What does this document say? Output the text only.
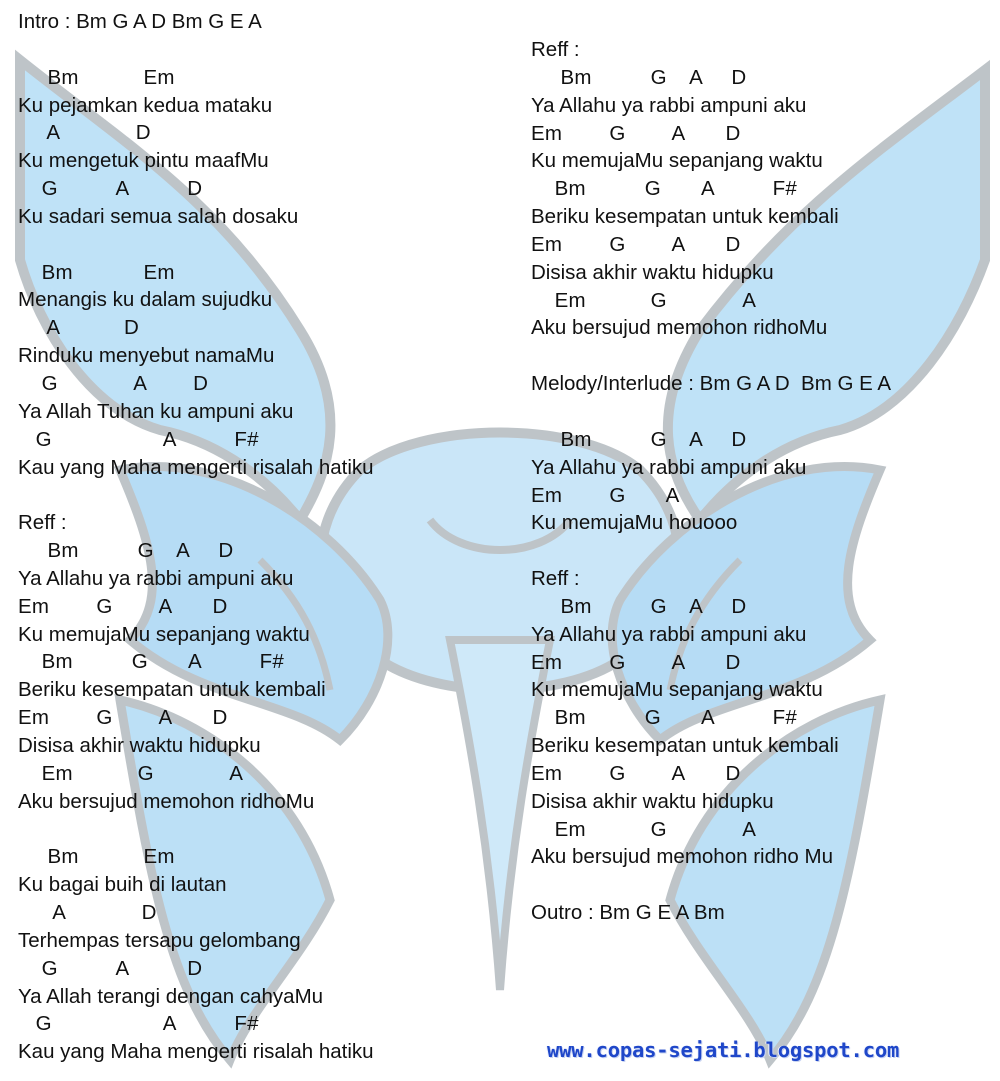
Intro : Bm G A D Bm G E A
Bm           Em
Ku pejamkan kedua mataku
A             D
Ku mengetuk pintu maafMu
G          A          D
Ku sadari semua salah dosaku
Bm            Em
Menangis ku dalam sujudku
A           D
Rinduku menyebut namaMu
G             A        D
Ya Allah Tuhan ku ampuni aku
G                   A          F#
Kau yang Maha mengerti risalah hatiku
Reff :
Bm          G    A     D
Ya Allahu ya rabbi ampuni aku
Em        G        A       D
Ku memujaMu sepanjang waktu
Bm          G       A          F#
Beriku kesempatan untuk kembali
Em        G        A       D
Disisa akhir waktu hidupku
Em           G             A
Aku bersujud memohon ridhoMu
Bm           Em
Ku bagai buih di lautan
A             D
Terhempas tersapu gelombang
G          A          D
Ya Allah terangi dengan cahyaMu
G                   A          F#
Kau yang Maha mengerti risalah hatiku
Reff :
Bm          G    A     D
Ya Allahu ya rabbi ampuni aku
Em        G        A       D
Ku memujaMu sepanjang waktu
Bm          G       A          F#
Beriku kesempatan untuk kembali
Em        G        A       D
Disisa akhir waktu hidupku
Em           G             A
Aku bersujud memohon ridhoMu
Melody/Interlude : Bm G A D  Bm G E A
Bm          G    A     D
Ya Allahu ya rabbi ampuni aku
Em        G       A
Ku memujaMu houooo
Reff :
Bm          G    A     D
Ya Allahu ya rabbi ampuni aku
Em        G        A       D
Ku memujaMu sepanjang waktu
Bm          G       A          F#
Beriku kesempatan untuk kembali
Em        G        A       D
Disisa akhir waktu hidupku
Em           G             A
Aku bersujud memohon ridho Mu
Outro : Bm G E A Bm
www.copas-sejati.blogspot.com
